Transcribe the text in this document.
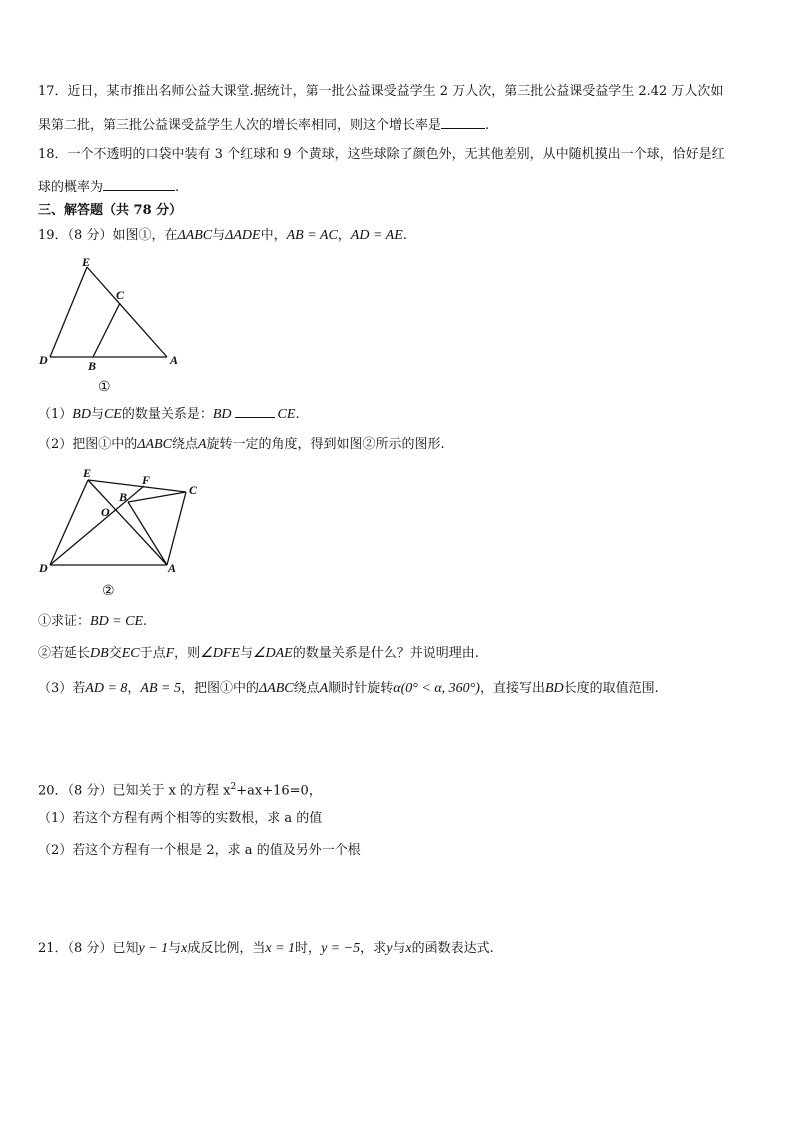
17．近日，某市推出名师公益大课堂.据统计，第一批公益课受益学生 2 万人次，第三批公益课受益学生 2.42 万人次如
果第二批，第三批公益课受益学生人次的增长率相同，则这个增长率是	.
18．一个不透明的口袋中装有 3 个红球和 9 个黄球，这些球除了颜色外，无其他差别，从中随机摸出一个球，恰好是红
球的概率为	.
三、解答题（共 78 分）
19．（8 分）如图①，在ΔABC与ΔADE中，AB = AC，AD = AE.
E
C
D	B	A
①
（1）BD与CE的数量关系是：BD	CE.
（2）把图①中的ΔABC绕点A旋转一定的角度，得到如图②所示的图形.
E	F
B	C
O
D	A
②
①求证：BD = CE.
②若延长DB交EC于点F，则∠DFE与∠DAE的数量关系是什么？并说明理由.
（3）若AD = 8，AB = 5，把图①中的ΔABC绕点A顺时针旋转α(0° < α, 360°)，直接写出BD长度的取值范围.
20．（8 分）已知关于 x 的方程 $x^2+ax+16=0$，
（1）若这个方程有两个相等的实数根，求 a 的值
（2）若这个方程有一个根是 2，求 a 的值及另外一个根
21．（8 分）已知y − 1与x成反比例，当x = 1时，y = −5，求y与x的函数表达式.
